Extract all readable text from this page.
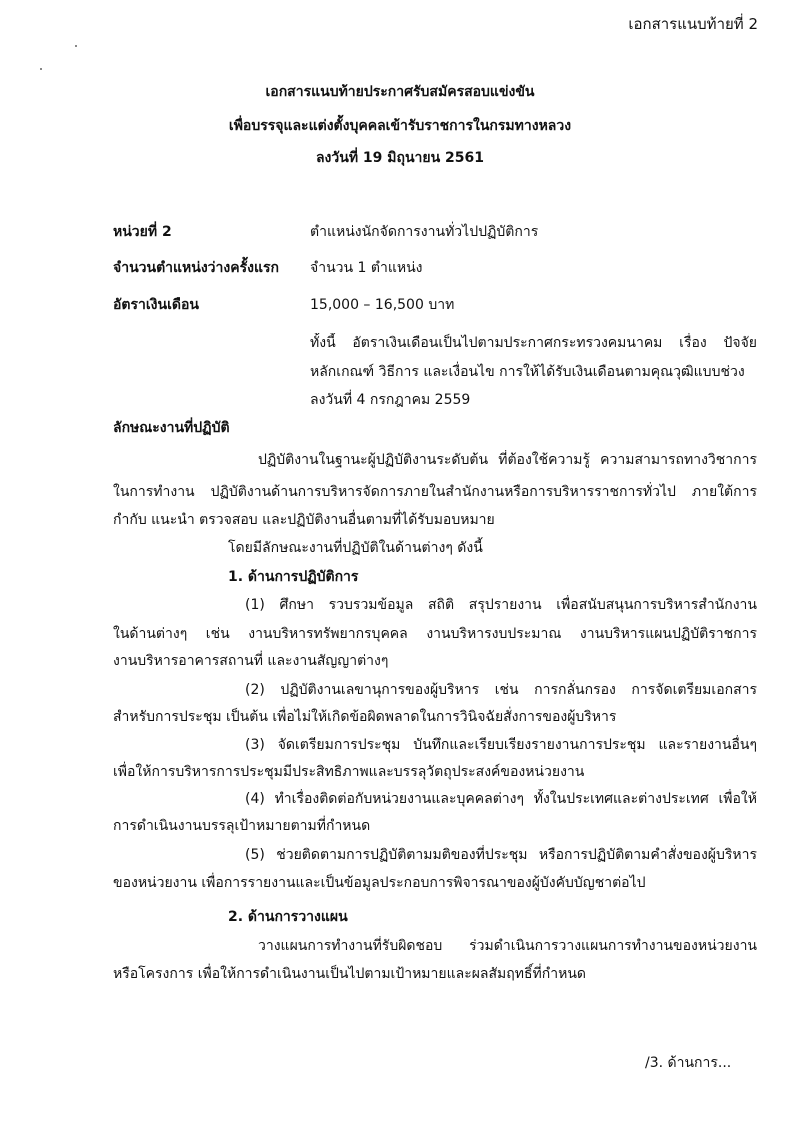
เอกสารแนบท้ายที่ 2
เอกสารแนบท้ายประกาศรับสมัครสอบแข่งขัน
เพื่อบรรจุและแต่งตั้งบุคคลเข้ารับราชการในกรมทางหลวง
ลงวันที่ 19 มิถุนายน 2561
หน่วยที่ 2	ตำแหน่งนักจัดการงานทั่วไปปฏิบัติการ
จำนวนตำแหน่งว่างครั้งแรก จำนวน 1 ตำแหน่ง
อัตราเงินเดือน	15,000 – 16,500 บาท
ทั้งนี้ อัตราเงินเดือนเป็นไปตามประกาศกระทรวงคมนาคม เรื่อง ปัจจัย
หลักเกณฑ์ วิธีการ และเงื่อนไข การให้ได้รับเงินเดือนตามคุณวุฒิแบบช่วง
ลงวันที่ 4 กรกฎาคม 2559
ลักษณะงานที่ปฏิบัติ
ปฏิบัติงานในฐานะผู้ปฏิบัติงานระดับต้น ที่ต้องใช้ความรู้ ความสามารถทางวิชาการ
ในการทำงาน ปฏิบัติงานด้านการบริหารจัดการภายในสำนักงานหรือการบริหารราชการทั่วไป ภายใต้การ
กำกับ แนะนำ ตรวจสอบ และปฏิบัติงานอื่นตามที่ได้รับมอบหมาย
โดยมีลักษณะงานที่ปฏิบัติในด้านต่างๆ ดังนี้
1. ด้านการปฏิบัติการ
(1) ศึกษา รวบรวมข้อมูล สถิติ สรุปรายงาน เพื่อสนับสนุนการบริหารสำนักงาน
ในด้านต่างๆ เช่น งานบริหารทรัพยากรบุคคล งานบริหารงบประมาณ งานบริหารแผนปฏิบัติราชการ
งานบริหารอาคารสถานที่ และงานสัญญาต่างๆ
(2) ปฏิบัติงานเลขานุการของผู้บริหาร เช่น การกลั่นกรอง การจัดเตรียมเอกสาร
สำหรับการประชุม เป็นต้น เพื่อไม่ให้เกิดข้อผิดพลาดในการวินิจฉัยสั่งการของผู้บริหาร
(3) จัดเตรียมการประชุม บันทึกและเรียบเรียงรายงานการประชุม และรายงานอื่นๆ
เพื่อให้การบริหารการประชุมมีประสิทธิภาพและบรรลุวัตถุประสงค์ของหน่วยงาน
(4) ทำเรื่องติดต่อกับหน่วยงานและบุคคลต่างๆ ทั้งในประเทศและต่างประเทศ เพื่อให้
การดำเนินงานบรรลุเป้าหมายตามที่กำหนด
(5) ช่วยติดตามการปฏิบัติตามมติของที่ประชุม หรือการปฏิบัติตามคำสั่งของผู้บริหาร
ของหน่วยงาน เพื่อการรายงานและเป็นข้อมูลประกอบการพิจารณาของผู้บังคับบัญชาต่อไป
2. ด้านการวางแผน
วางแผนการทำงานที่รับผิดชอบ ร่วมดำเนินการวางแผนการทำงานของหน่วยงาน
หรือโครงการ เพื่อให้การดำเนินงานเป็นไปตามเป้าหมายและผลสัมฤทธิ์ที่กำหนด
/3. ด้านการ...
